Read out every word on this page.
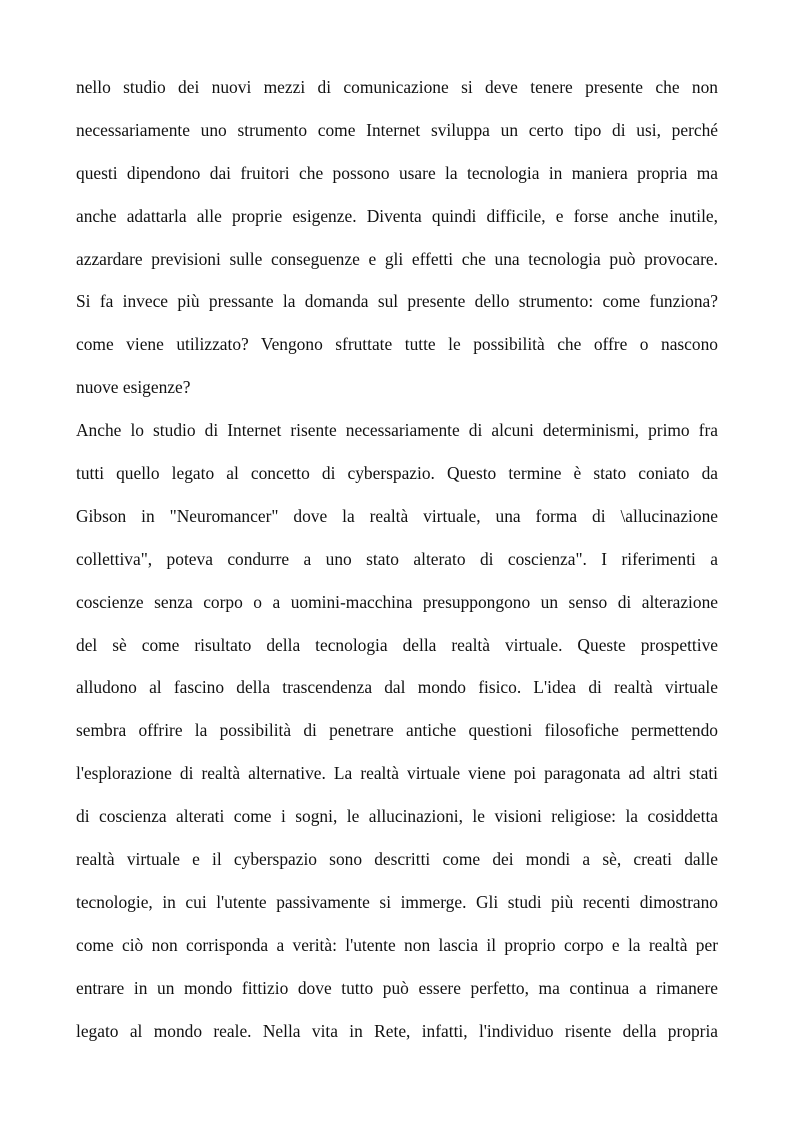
nello studio dei nuovi mezzi di comunicazione si deve tenere presente che non
necessariamente uno strumento come Internet sviluppa un certo tipo di usi, perché
questi dipendono dai fruitori che possono usare la tecnologia in maniera propria ma
anche adattarla alle proprie esigenze. Diventa quindi difficile, e forse anche inutile,
azzardare previsioni sulle conseguenze e gli effetti che una tecnologia può provocare.
Si fa invece più pressante la domanda sul presente dello strumento: come funziona?
come viene utilizzato? Vengono sfruttate tutte le possibilità che offre o nascono
nuove esigenze?
Anche lo studio di Internet risente necessariamente di alcuni determinismi, primo fra
tutti quello legato al concetto di cyberspazio. Questo termine è stato coniato da
Gibson in "Neuromancer" dove la realtà virtuale, una forma di \allucinazione
collettiva", poteva condurre a uno stato alterato di coscienza". I riferimenti a
coscienze senza corpo o a uomini-macchina presuppongono un senso di alterazione
del sè come risultato della tecnologia della realtà virtuale. Queste prospettive
alludono al fascino della trascendenza dal mondo fisico. L'idea di realtà virtuale
sembra offrire la possibilità di penetrare antiche questioni filosofiche permettendo
l'esplorazione di realtà alternative. La realtà virtuale viene poi paragonata ad altri stati
di coscienza alterati come i sogni, le allucinazioni, le visioni religiose: la cosiddetta
realtà virtuale e il cyberspazio sono descritti come dei mondi a sè, creati dalle
tecnologie, in cui l'utente passivamente si immerge. Gli studi più recenti dimostrano
come ciò non corrisponda a verità: l'utente non lascia il proprio corpo e la realtà per
entrare in un mondo fittizio dove tutto può essere perfetto, ma continua a rimanere
legato al mondo reale. Nella vita in Rete, infatti, l'individuo risente della propria
